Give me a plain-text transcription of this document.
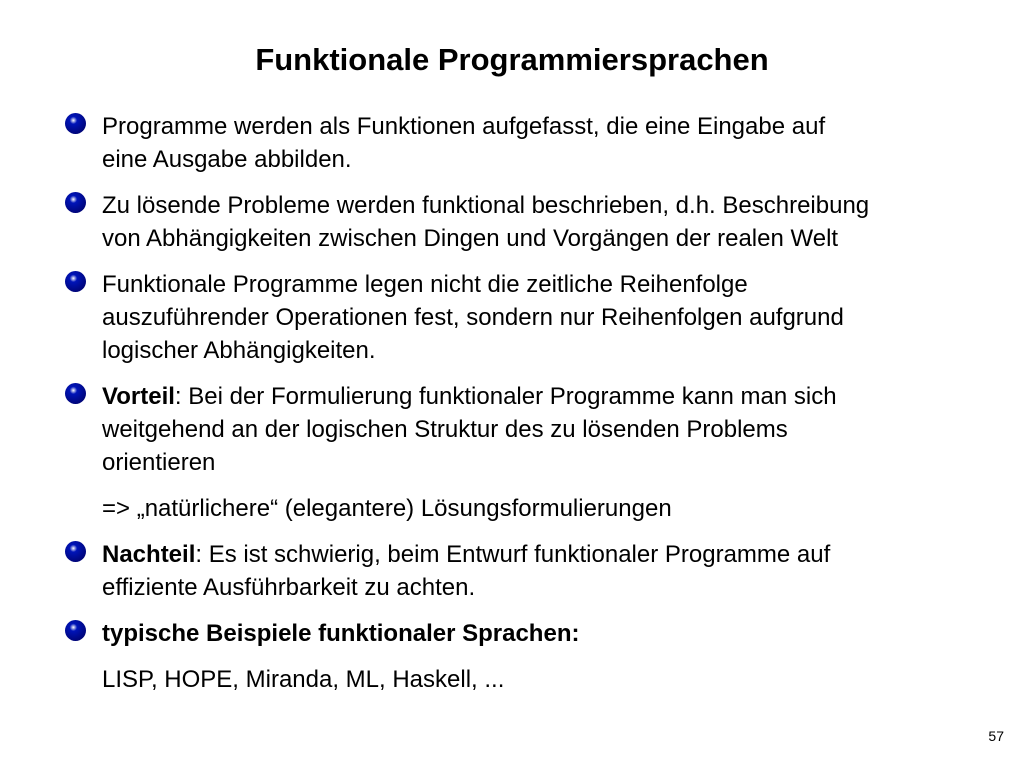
Funktionale Programmiersprachen
Programme werden als Funktionen aufgefasst, die eine Eingabe auf
eine Ausgabe abbilden.
Zu lösende Probleme werden funktional beschrieben, d.h. Beschreibung
von Abhängigkeiten zwischen Dingen und Vorgängen der realen Welt
Funktionale Programme legen nicht die zeitliche Reihenfolge
auszuführender Operationen fest, sondern nur Reihenfolgen aufgrund
logischer Abhängigkeiten.
Vorteil: Bei der Formulierung funktionaler Programme kann man sich
weitgehend an der logischen Struktur des zu lösenden Problems
orientieren
=> „natürlichere“ (elegantere) Lösungsformulierungen
Nachteil: Es ist schwierig, beim Entwurf funktionaler Programme auf
effiziente Ausführbarkeit zu achten.
typische Beispiele funktionaler Sprachen:
LISP, HOPE, Miranda, ML, Haskell, ...
57
